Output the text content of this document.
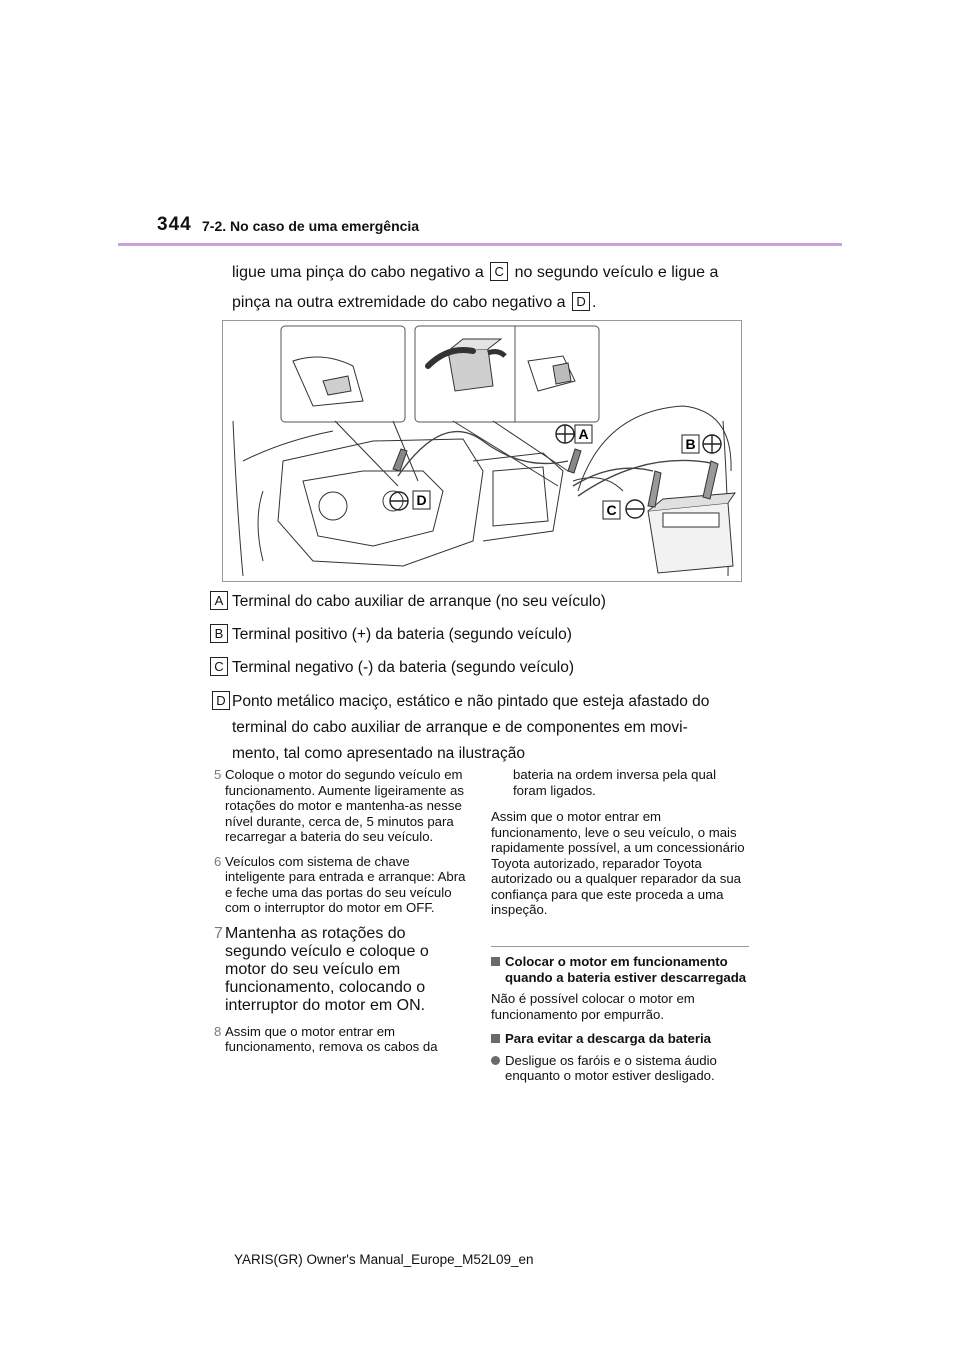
344 7-2. No caso de uma emergência
ligue uma pinça do cabo negativo a C no segundo veículo e ligue a
pinça na outra extremidade do cabo negativo a D .
A
B
C
D
A Terminal do cabo auxiliar de arranque (no seu veículo)
B Terminal positivo (+) da bateria (segundo veículo)
C Terminal negativo (-) da bateria (segundo veículo)
D Ponto metálico maciço, estático e não pintado que esteja afastado do
terminal do cabo auxiliar de arranque e de componentes em movi-
mento, tal como apresentado na ilustração

5 Coloque o motor do segundo veículo em funcionamento. Aumente ligeiramente as rotações do motor e mantenha-as nesse nível durante, cerca de, 5 minutos para recarregar a bateria do seu veículo.

6 Veículos com sistema de chave inteligente para entrada e arranque: Abra e feche uma das portas do seu veículo com o interruptor do motor em OFF.

7 Mantenha as rotações do segundo veículo e coloque o motor do seu veículo em funcionamento, colocando o interruptor do motor em ON.

8 Assim que o motor entrar em funcionamento, remova os cabos da

bateria na ordem inversa pela qual foram ligados.

Assim que o motor entrar em funcionamento, leve o seu veículo, o mais rapidamente possível, a um concessionário Toyota autorizado, reparador Toyota autorizado ou a qualquer reparador da sua confiança para que este proceda a uma inspeção.

Colocar o motor em funcionamento quando a bateria estiver descarregada

Não é possível colocar o motor em funcionamento por empurrão.

Para evitar a descarga da bateria

Desligue os faróis e o sistema áudio enquanto o motor estiver desligado.

YARIS(GR) Owner's Manual_Europe_M52L09_en
